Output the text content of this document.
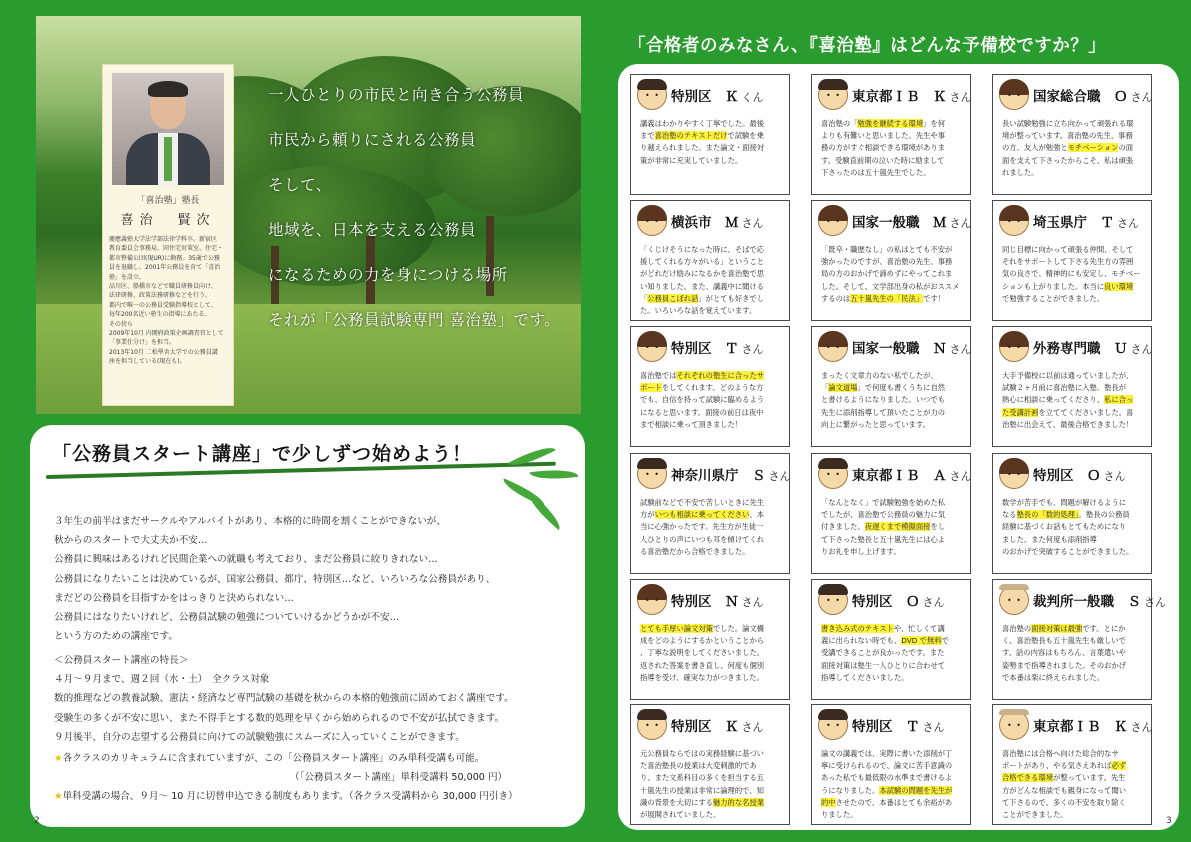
「喜治塾」塾長
喜治　賢次
慶應義塾大学法学部法律学科卒。新宿区
教育委員会事務局、同住宅対策室、住宅・
都市整備公団(現UR)に勤務。35歳で公務
員を退職し、2001年公務員を育て「喜治
塾」を設立。
品川区、船橋市などで職員研修員向け、
法律研修、政策法務研修などを行う。
都内で唯一の公務員受験指導校として、
毎年200名近い塾生の指導にあたる。
その傍ら
2009年10月 内閣府政策企画調査官として
「事業仕分け」を担当。
2013年10月 二松學舍大学での公務員講
座を担当している(現在も)。
一人ひとりの市民と向き合う公務員
市民から頼りにされる公務員
そして、
地域を、日本を支える公務員
になるための力を身につける場所
それが「公務員試験専門 喜治塾」です。
「公務員スタート講座」で少しずつ始めよう！
３年生の前半はまだサークルやアルバイトがあり、本格的に時間を割くことができないが、
秋からのスタートで大丈夫か不安…
公務員に興味はあるけれど民間企業への就職も考えており、まだ公務員に絞りきれない…
公務員になりたいことは決めているが、国家公務員、都庁、特別区…など、いろいろな公務員があり、
まだどの公務員を目指すかをはっきりと決められない…
公務員にはなりたいけれど、公務員試験の勉強についていけるかどうかが不安…
という方のための講座です。
＜公務員スタート講座の特長＞
４月〜９月まで、週２回（水・土）　全クラス対象
数的推理などの教養試験、憲法・経済など専門試験の基礎を秋からの本格的勉強前に固めておく講座です。
受験生の多くが不安に思い、また不得手とする数的処理を早くから始められるので不安が払拭できます。
９月後半、自分の志望する公務員に向けての試験勉強にスムーズに入っていくことができます。
★各クラスのカリキュラムに含まれていますが、この「公務員スタート講座」のみ単科受講も可能。
（「公務員スタート講座」単科受講料 50,000 円）
★単科受講の場合、９月〜 10 月に切替申込できる制度もあります。（各クラス受講料から 30,000 円引き）
2
「合格者のみなさん、『喜治塾』はどんな予備校ですか？」
• •
特別区　Ｋ くん
講義はわかりやすく丁寧でした。最後
まで喜治塾のテキストだけで試験を乗
り越えられました。また論文・面接対
策が非常に充実していました。
• •
東京都ＩＢ　Ｋ さん
喜治塾の「勉強を継続する環境」を何
よりも有難いと思いました。先生や事
務の方がすぐ相談できる環境がありま
す。受験直前期の泣いた時に励まして
下さったのは五十嵐先生でした。
• •
国家総合職　Ｏ さん
長い試験勉強に立ち向かって頑張れる環
境が整っています。喜治塾の先生、事務
の方、友人が勉強とモチベーションの面
面を支えて下さったからこそ、私は頑張
れました。
• •
横浜市　Ｍ さん
「くじけそうになった時に、そばで応
援してくれる方々がいる」ということ
がどれだけ励みになるかを喜治塾で思
い知りました。また、講義中に聞ける
「公務員こぼれ話」がとても好きでし
た。いろいろな話を覚えています。
• •
国家一般職　Ｍ さん
「既卒・職歴なし」の私はとても不安が
強かったのですが、喜治塾の先生、事務
局の方のおかげで諦めずにやってこれま
した。そして、文学部出身の私がおススメ
するのは五十嵐先生の「民法」です！
• •
埼玉県庁　Ｔ さん
同じ目標に向かって頑張る仲間、そして
それをサポートして下さる先生方の雰囲
気の良さで、精神的にも安定し、モチベー
ションも上がりました。本当に良い環境
で勉強することができました。
• •
特別区　Ｔ さん
喜治塾ではそれぞれの塾生に合ったサ
ポートをしてくれます。どのような方
でも、自信を持って試験に臨めるよう
になると思います。面接の前日は夜中
まで相談に乗って頂きました！
• •
国家一般職　Ｎ さん
まったく文章力のない私でしたが、
「論文道場」で何度も書くうちに自然
と書けるようになりました。いつでも
先生に添削指導して頂いたことが力の
向上に繋がったと思っています。
• •
外務専門職　Ｕ さん
大手予備校に以前は通っていましたが、
試験２ヶ月前に喜治塾に入塾。塾長が
熱心に相談に乗ってくださり、私に合っ
た受講計画を立ててくださいました。喜
治塾に出会えて、最後合格できました！
• •
神奈川県庁　Ｓ さん
試験前などで不安で苦しいときに先生
方がいつも相談に乗ってください、本
当に心強かったです。先生方が生徒一
人ひとりの声にいつも耳を傾けてくれ
る喜治塾だから合格できました。
• •
東京都ＩＢ　Ａ さん
「なんとなく」で試験勉強を始めた私
でしたが、喜治塾で公務員の魅力に気
付きました。夜遅くまで模擬面接をし
て下さった塾長と五十嵐先生には心よ
りお礼を申し上げます。
• •
特別区　Ｏ さん
数学が苦手でも、問題が解けるように
なる塾長の「数的処理」。塾長の公務員
経験に基づくお話もとてもためになり
ました。また何度も添削指導
のおかげで突破することができました。
• •
特別区　Ｎ さん
とても手厚い論文対策でした。論文構
成をどのようにするかということから
、丁寧な説明をしてくださいました。
返された答案を書き直し、何度も個別
指導を受け、確実な力がつきました。
• •
特別区　Ｏ さん
書き込み式のテキストや、忙しくて講
義に出られない時でも、DVD で無料で
受講できることが良かったです。また
面接対策は塾生一人ひとりに合わせて
指導してくださいました。
• •
裁判所一般職　Ｓ さん
喜治塾の面接対策は最強です。とにか
く、喜治塾長も五十嵐先生も厳しいで
す。話の内容はもちろん、言葉遣いや
姿勢まで指導されました。そのおかげ
で本番は楽に終えられました。
• •
特別区　Ｋ さん
元公務員ならではの実務経験に基づい
た喜治塾長の授業は大変刺激的であ
り、また文系科目の多くを担当する五
十嵐先生の授業は非常に論理的で、知
識の背景を大切にする魅力的な名授業
が展開されていました。
• •
特別区　Ｔ さん
論文の講義では、実際に書いた添削が丁
寧に受けられるので、論文に苦手意識の
あった私でも最低限の水準まで書けるよ
うになりました。本試験の問題を先生が
的中させたので、本番はとても余裕があ
りました。
• •
東京都ＩＢ　Ｋ さん
喜治塾には合格へ向けた総合的なサ
ポートがあり、やる気さえあれば必ず
合格できる環境が整っています。先生
方がどんな相談でも親身になって聞い
て下さるので、多くの不安を取り除く
ことができました。
3
